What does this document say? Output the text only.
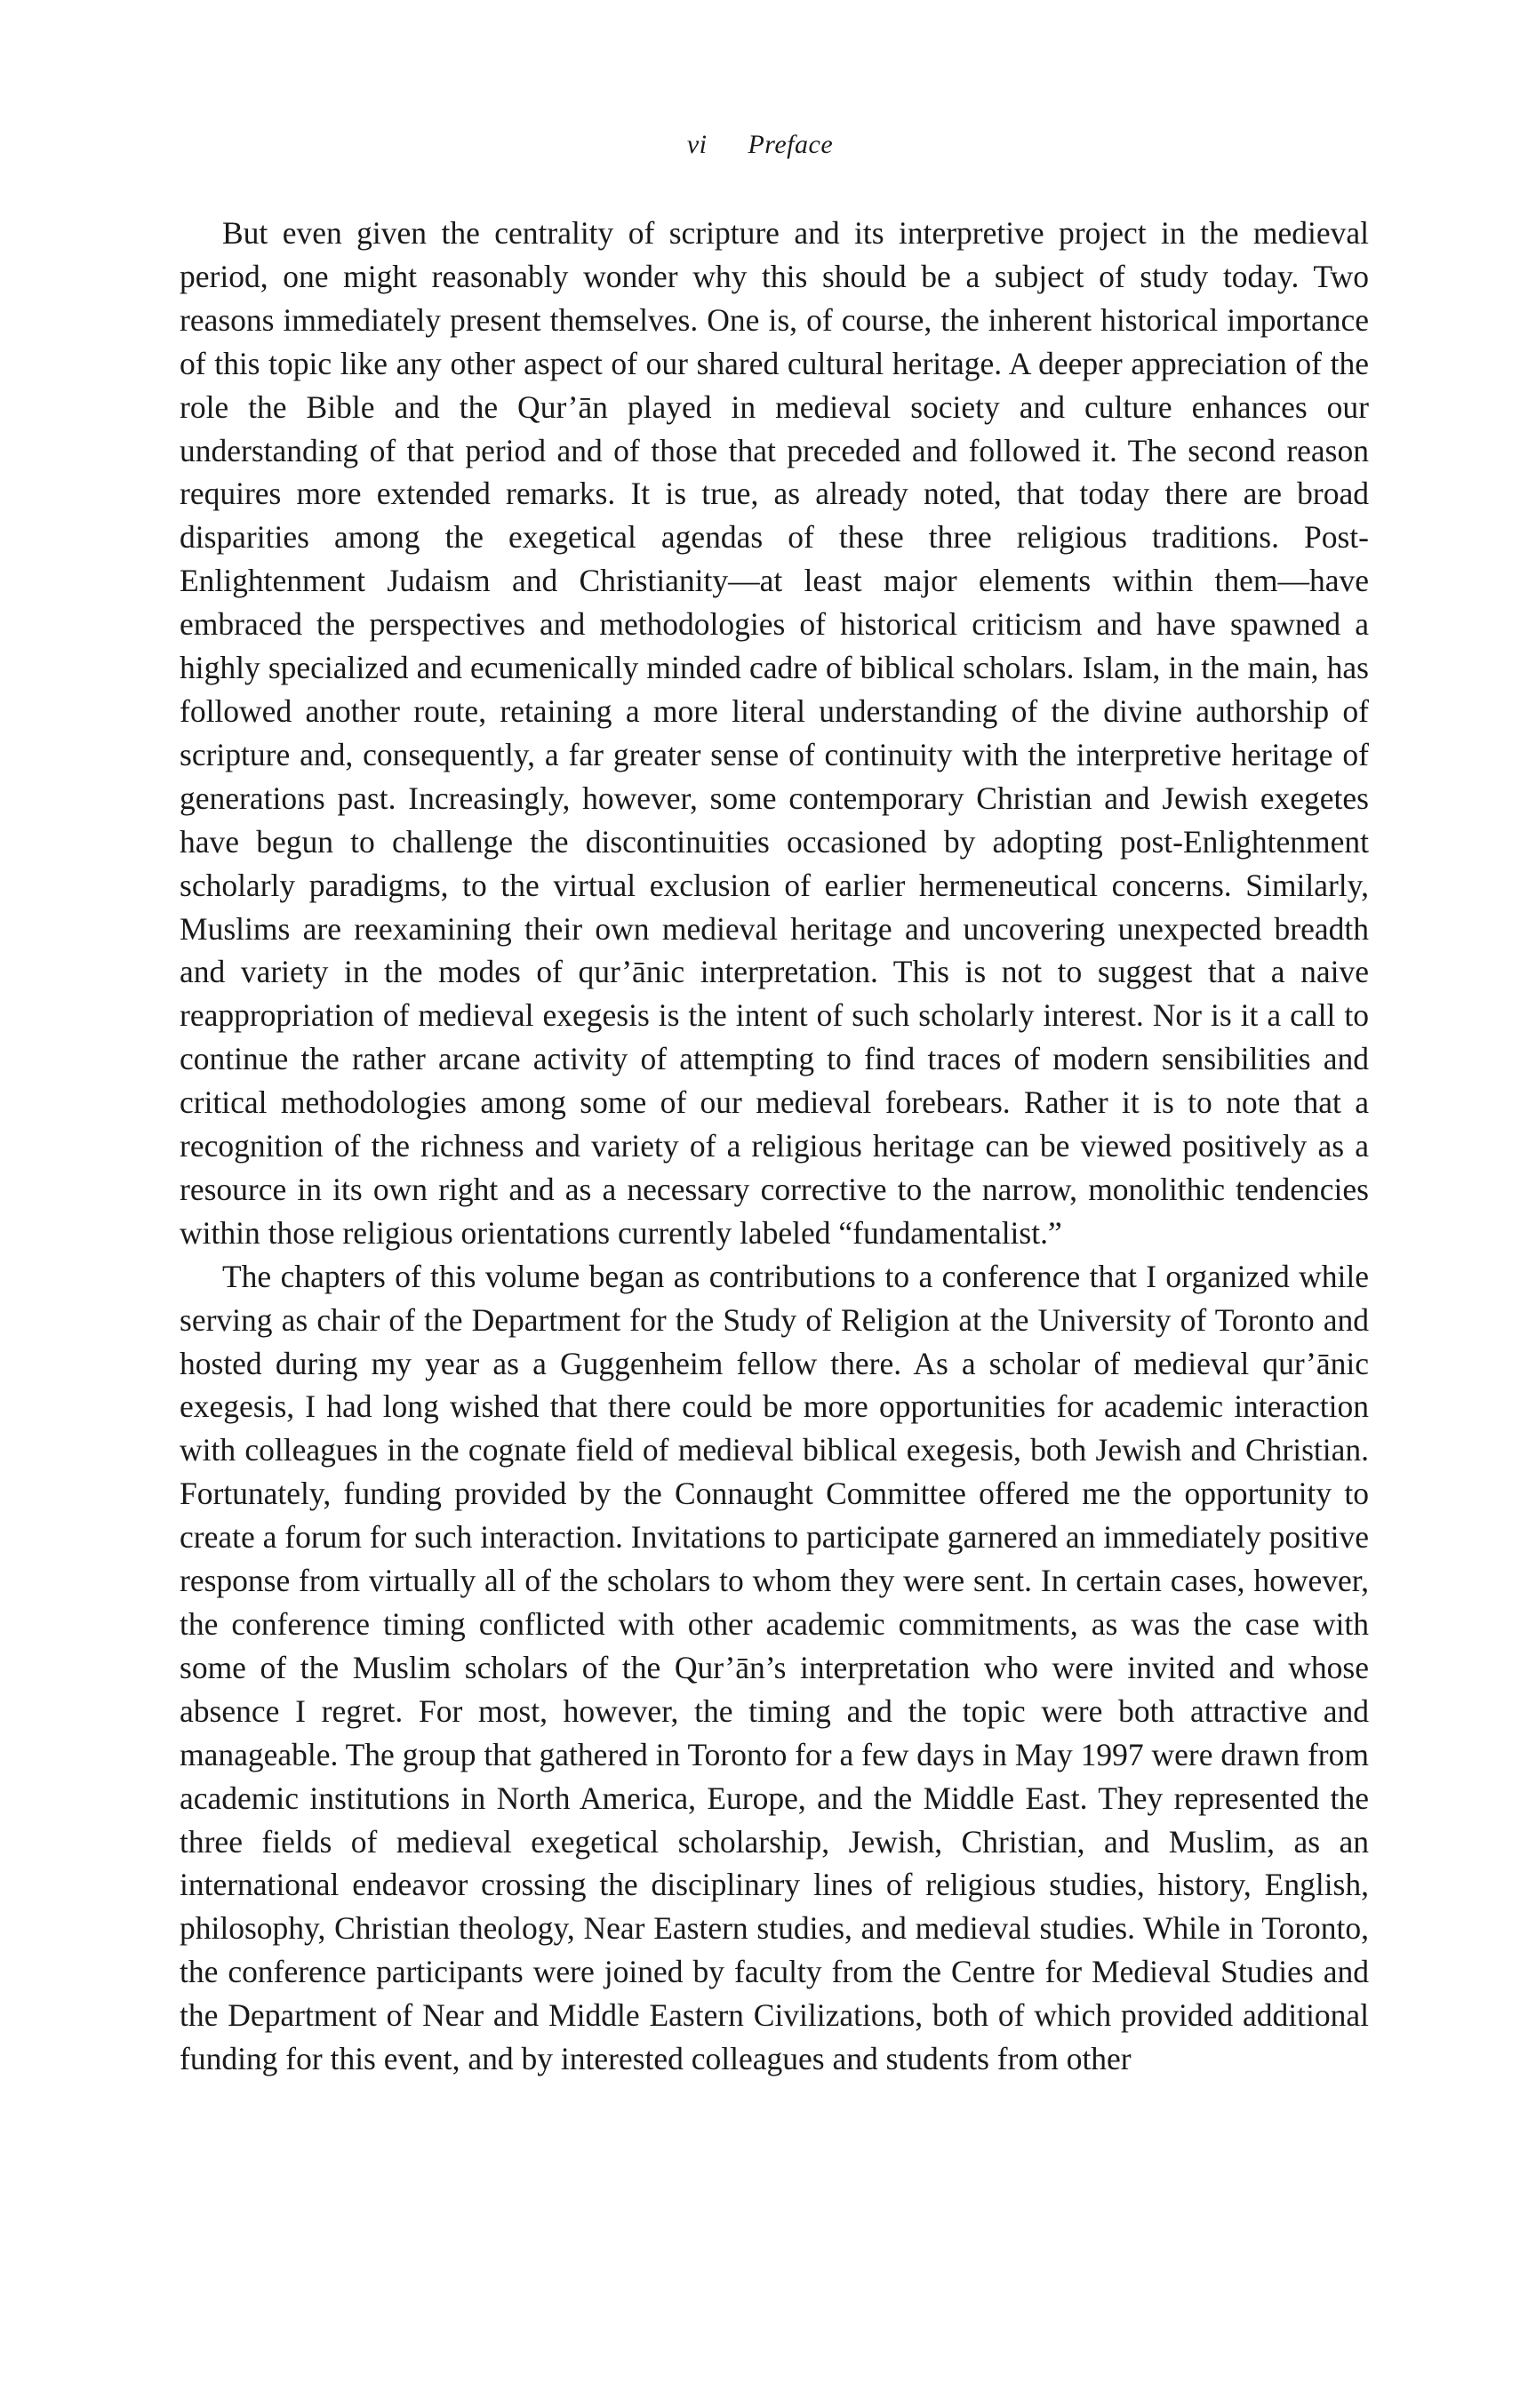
vi Preface

But even given the centrality of scripture and its interpretive project in the medieval period, one might reasonably wonder why this should be a subject of study today. Two reasons immediately present themselves. One is, of course, the inherent historical importance of this topic like any other aspect of our shared cultural heritage. A deeper appreciation of the role the Bible and the Qur’ān played in medieval society and culture enhances our understanding of that period and of those that preceded and followed it. The second reason requires more extended remarks. It is true, as already noted, that today there are broad disparities among the exegetical agendas of these three religious traditions. Post-Enlightenment Judaism and Christianity—at least major elements within them—have embraced the perspectives and methodologies of historical criticism and have spawned a highly specialized and ecumenically minded cadre of biblical scholars. Islam, in the main, has followed another route, retaining a more literal understanding of the divine authorship of scripture and, consequently, a far greater sense of continuity with the interpretive heritage of generations past. Increasingly, however, some contemporary Christian and Jewish exegetes have begun to challenge the discontinuities occasioned by adopting post-Enlightenment scholarly paradigms, to the virtual exclusion of earlier hermeneutical concerns. Similarly, Muslims are reexamining their own medieval heritage and uncovering unexpected breadth and variety in the modes of qur’ānic interpretation. This is not to suggest that a naive reappropriation of medieval exegesis is the intent of such scholarly interest. Nor is it a call to continue the rather arcane activity of attempting to find traces of modern sensibilities and critical methodologies among some of our medieval forebears. Rather it is to note that a recognition of the richness and variety of a religious heritage can be viewed positively as a resource in its own right and as a necessary corrective to the narrow, monolithic tendencies within those religious orientations currently labeled “fundamentalist.”

The chapters of this volume began as contributions to a conference that I organized while serving as chair of the Department for the Study of Religion at the University of Toronto and hosted during my year as a Guggenheim fellow there. As a scholar of medieval qur’ānic exegesis, I had long wished that there could be more opportunities for academic interaction with colleagues in the cognate field of medieval biblical exegesis, both Jewish and Christian. Fortunately, funding provided by the Connaught Committee offered me the opportunity to create a forum for such interaction. Invitations to participate garnered an immediately positive response from virtually all of the scholars to whom they were sent. In certain cases, however, the conference timing conflicted with other academic commitments, as was the case with some of the Muslim scholars of the Qur’ān’s interpretation who were invited and whose absence I regret. For most, however, the timing and the topic were both attractive and manageable. The group that gathered in Toronto for a few days in May 1997 were drawn from academic institutions in North America, Europe, and the Middle East. They represented the three fields of medieval exegetical scholarship, Jewish, Christian, and Muslim, as an international endeavor crossing the disciplinary lines of religious studies, history, English, philosophy, Christian theology, Near Eastern studies, and medieval studies. While in Toronto, the conference participants were joined by faculty from the Centre for Medieval Studies and the Department of Near and Middle Eastern Civilizations, both of which provided additional funding for this event, and by interested colleagues and students from other
